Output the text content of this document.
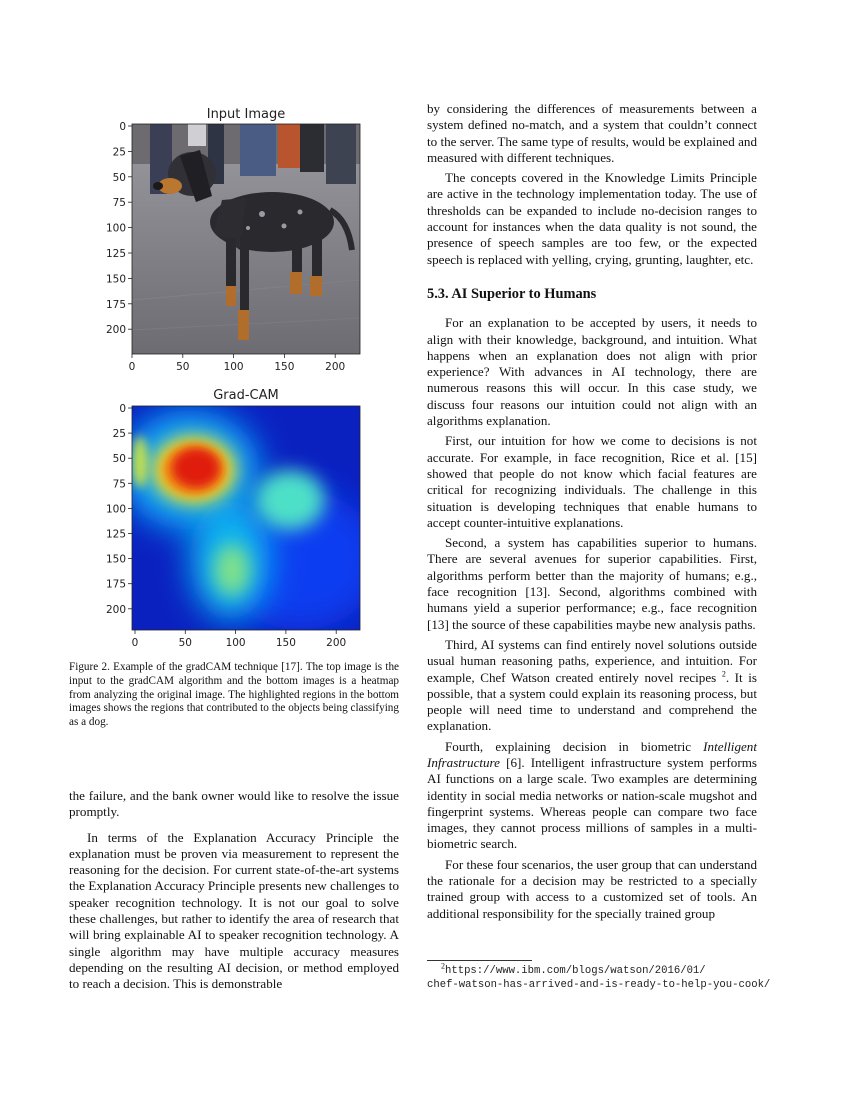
Input Image
0
25
50
75
100
125
150
175
200
0	50	100	150	200
Grad-CAM
0
25
50
75
100
125
150
175
200
0	50	100	150	200
Figure 2. Example of the gradCAM technique [17]. The top image is the input to the gradCAM algorithm and the bottom images is a heatmap from analyzing the original image. The highlighted regions in the bottom images shows the regions that contributed to the objects being classifying as a dog.

the failure, and the bank owner would like to resolve the issue promptly.

In terms of the Explanation Accuracy Principle the explanation must be proven via measurement to represent the reasoning for the decision. For current state-of-the-art systems the Explanation Accuracy Principle presents new challenges to speaker recognition technology. It is not our goal to solve these challenges, but rather to identify the area of research that will bring explainable AI to speaker recognition technology. A single algorithm may have multiple accuracy measures depending on the resulting AI decision, or method employed to reach a decision. This is demonstrable

by considering the differences of measurements between a system defined no-match, and a system that couldn’t connect to the server. The same type of results, would be explained and measured with different techniques.

The concepts covered in the Knowledge Limits Principle are active in the technology implementation today. The use of thresholds can be expanded to include no-decision ranges to account for instances when the data quality is not sound, the presence of speech samples are too few, or the expected speech is replaced with yelling, crying, grunting, laughter, etc.

5.3. AI Superior to Humans

For an explanation to be accepted by users, it needs to align with their knowledge, background, and intuition. What happens when an explanation does not align with prior experience? With advances in AI technology, there are numerous reasons this will occur. In this case study, we discuss four reasons our intuition could not align with an algorithms explanation.

First, our intuition for how we come to decisions is not accurate. For example, in face recognition, Rice et al. [15] showed that people do not know which facial features are critical for recognizing individuals. The challenge in this situation is developing techniques that enable humans to accept counter-intuitive explanations.

Second, a system has capabilities superior to humans. There are several avenues for superior capabilities. First, algorithms perform better than the majority of humans; e.g., face recognition [13]. Second, algorithms combined with humans yield a superior performance; e.g., face recognition [13] the source of these capabilities maybe new analysis paths.

Third, AI systems can find entirely novel solutions outside usual human reasoning paths, experience, and intuition. For example, Chef Watson created entirely novel recipes $^2$. It is possible, that a system could explain its reasoning process, but people will need time to understand and comprehend the explanation.

Fourth, explaining decision in biometric Intelligent Infrastructure [6]. Intelligent infrastructure system performs AI functions on a large scale. Two examples are determining identity in social media networks or nation-scale mugshot and fingerprint systems. Whereas people can compare two face images, they cannot process millions of samples in a multi-biometric search.

For these four scenarios, the user group that can understand the rationale for a decision may be restricted to a specially trained group with access to a customized set of tools. An additional responsibility for the specially trained group

$^2$https://www.ibm.com/blogs/watson/2016/01/
chef-watson-has-arrived-and-is-ready-to-help-you-cook/
